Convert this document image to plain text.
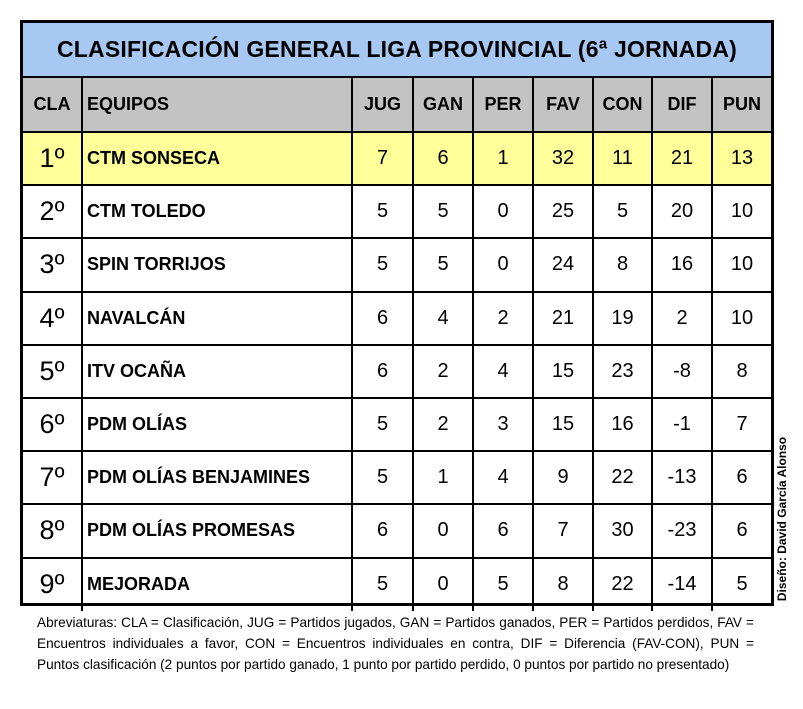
CLASIFICACIÓN GENERAL LIGA PROVINCIAL (6ª JORNADA)
CLA	EQUIPOS	JUG	GAN	PER	FAV	CON	DIF	PUN
1º	CTM SONSECA	7	6	1	32	11	21	13
2º	CTM TOLEDO	5	5	0	25	5	20	10
3º	SPIN TORRIJOS	5	5	0	24	8	16	10
4º	NAVALCÁN	6	4	2	21	19	2	10
5º	ITV OCAÑA	6	2	4	15	23	-8	8
6º	PDM OLÍAS	5	2	3	15	16	-1	7
7º	PDM OLÍAS BENJAMINES	5	1	4	9	22	-13	6
8º	PDM OLÍAS PROMESAS	6	0	6	7	30	-23	6
9º	MEJORADA	5	0	5	8	22	-14	5 Diseño: David García Alonso
Abreviaturas: CLA = Clasificación, JUG = Partidos jugados, GAN = Partidos ganados, PER = Partidos perdidos, FAV = Encuentros individuales a favor, CON = Encuentros individuales en contra, DIF = Diferencia (FAV-CON), PUN = Puntos clasificación (2 puntos por partido ganado, 1 punto por partido perdido, 0 puntos por partido no presentado)
